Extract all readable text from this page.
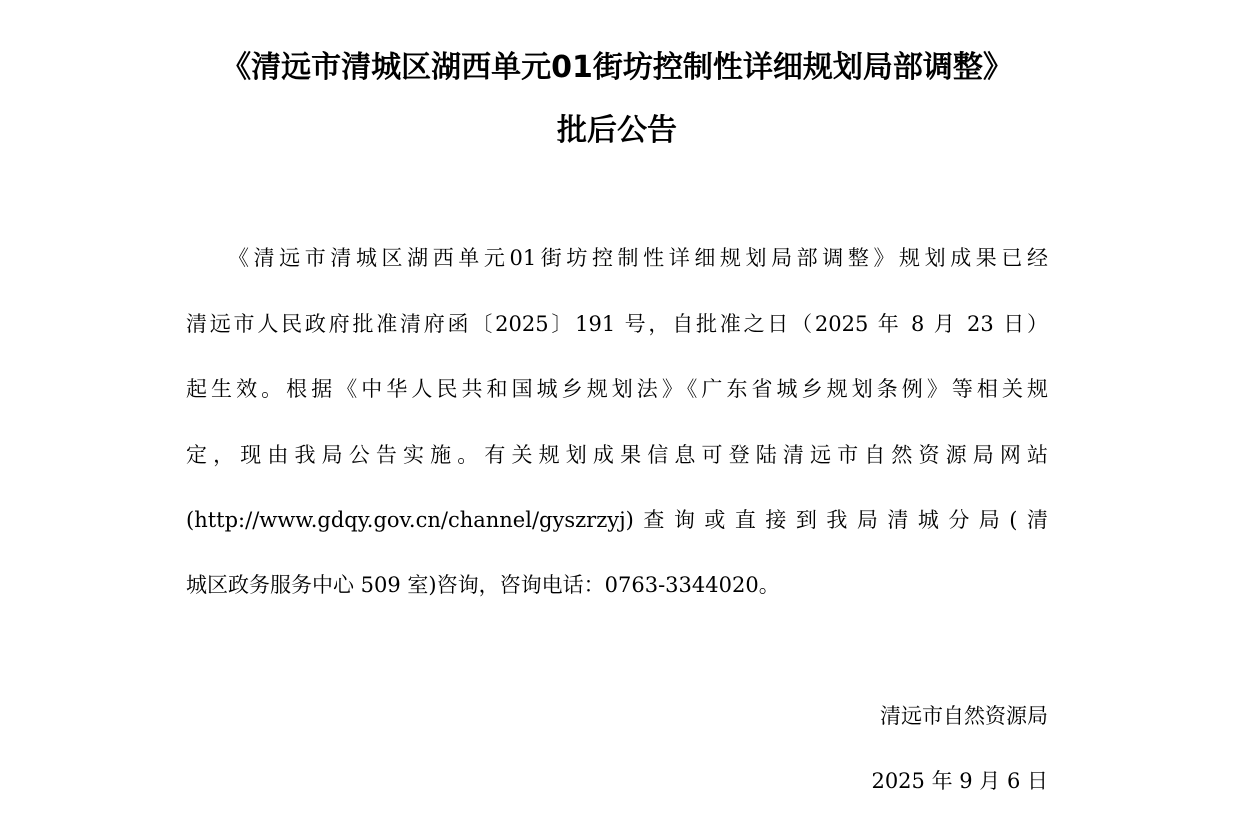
《清远市清城区湖西单元01街坊控制性详细规划局部调整》
批后公告
《清远市清城区湖西单元01街坊控制性详细规划局部调整》规划成果已经
清远市人民政府批准清府函〔2025〕191 号，自批准之日（2025 年 8 月 23 日）
起生效。根据《中华人民共和国城乡规划法》《广东省城乡规划条例》等相关规
定，现由我局公告实施。有关规划成果信息可登陆清远市自然资源局网站
(http://www.gdqy.gov.cn/channel/gyszrzyj)查询或直接到我局清城分局(清
城区政务服务中心 509 室)咨询，咨询电话：0763-3344020。
清远市自然资源局
2025 年 9 月 6 日
